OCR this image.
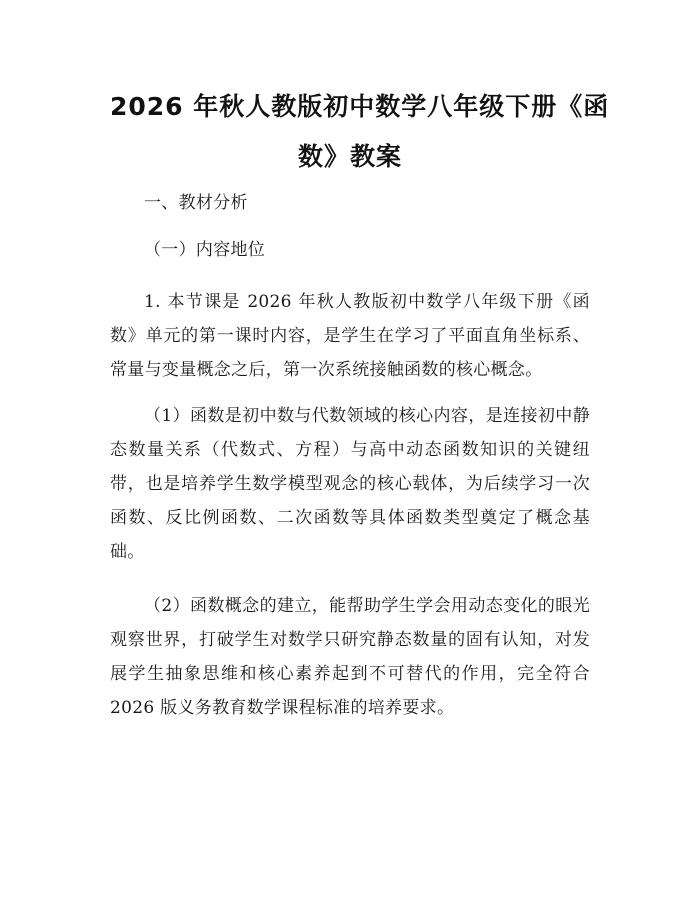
2026 年秋人教版初中数学八年级下册《函
数》教案

一、教材分析

（一）内容地位

1. 本节课是 2026 年秋人教版初中数学八年级下册《函数》单元的第一课时内容，是学生在学习了平面直角坐标系、常量与变量概念之后，第一次系统接触函数的核心概念。

（1）函数是初中数与代数领域的核心内容，是连接初中静态数量关系（代数式、方程）与高中动态函数知识的关键纽带，也是培养学生数学模型观念的核心载体，为后续学习一次函数、反比例函数、二次函数等具体函数类型奠定了概念基础。

（2）函数概念的建立，能帮助学生学会用动态变化的眼光观察世界，打破学生对数学只研究静态数量的固有认知，对发展学生抽象思维和核心素养起到不可替代的作用，完全符合 2026 版义务教育数学课程标准的培养要求。
